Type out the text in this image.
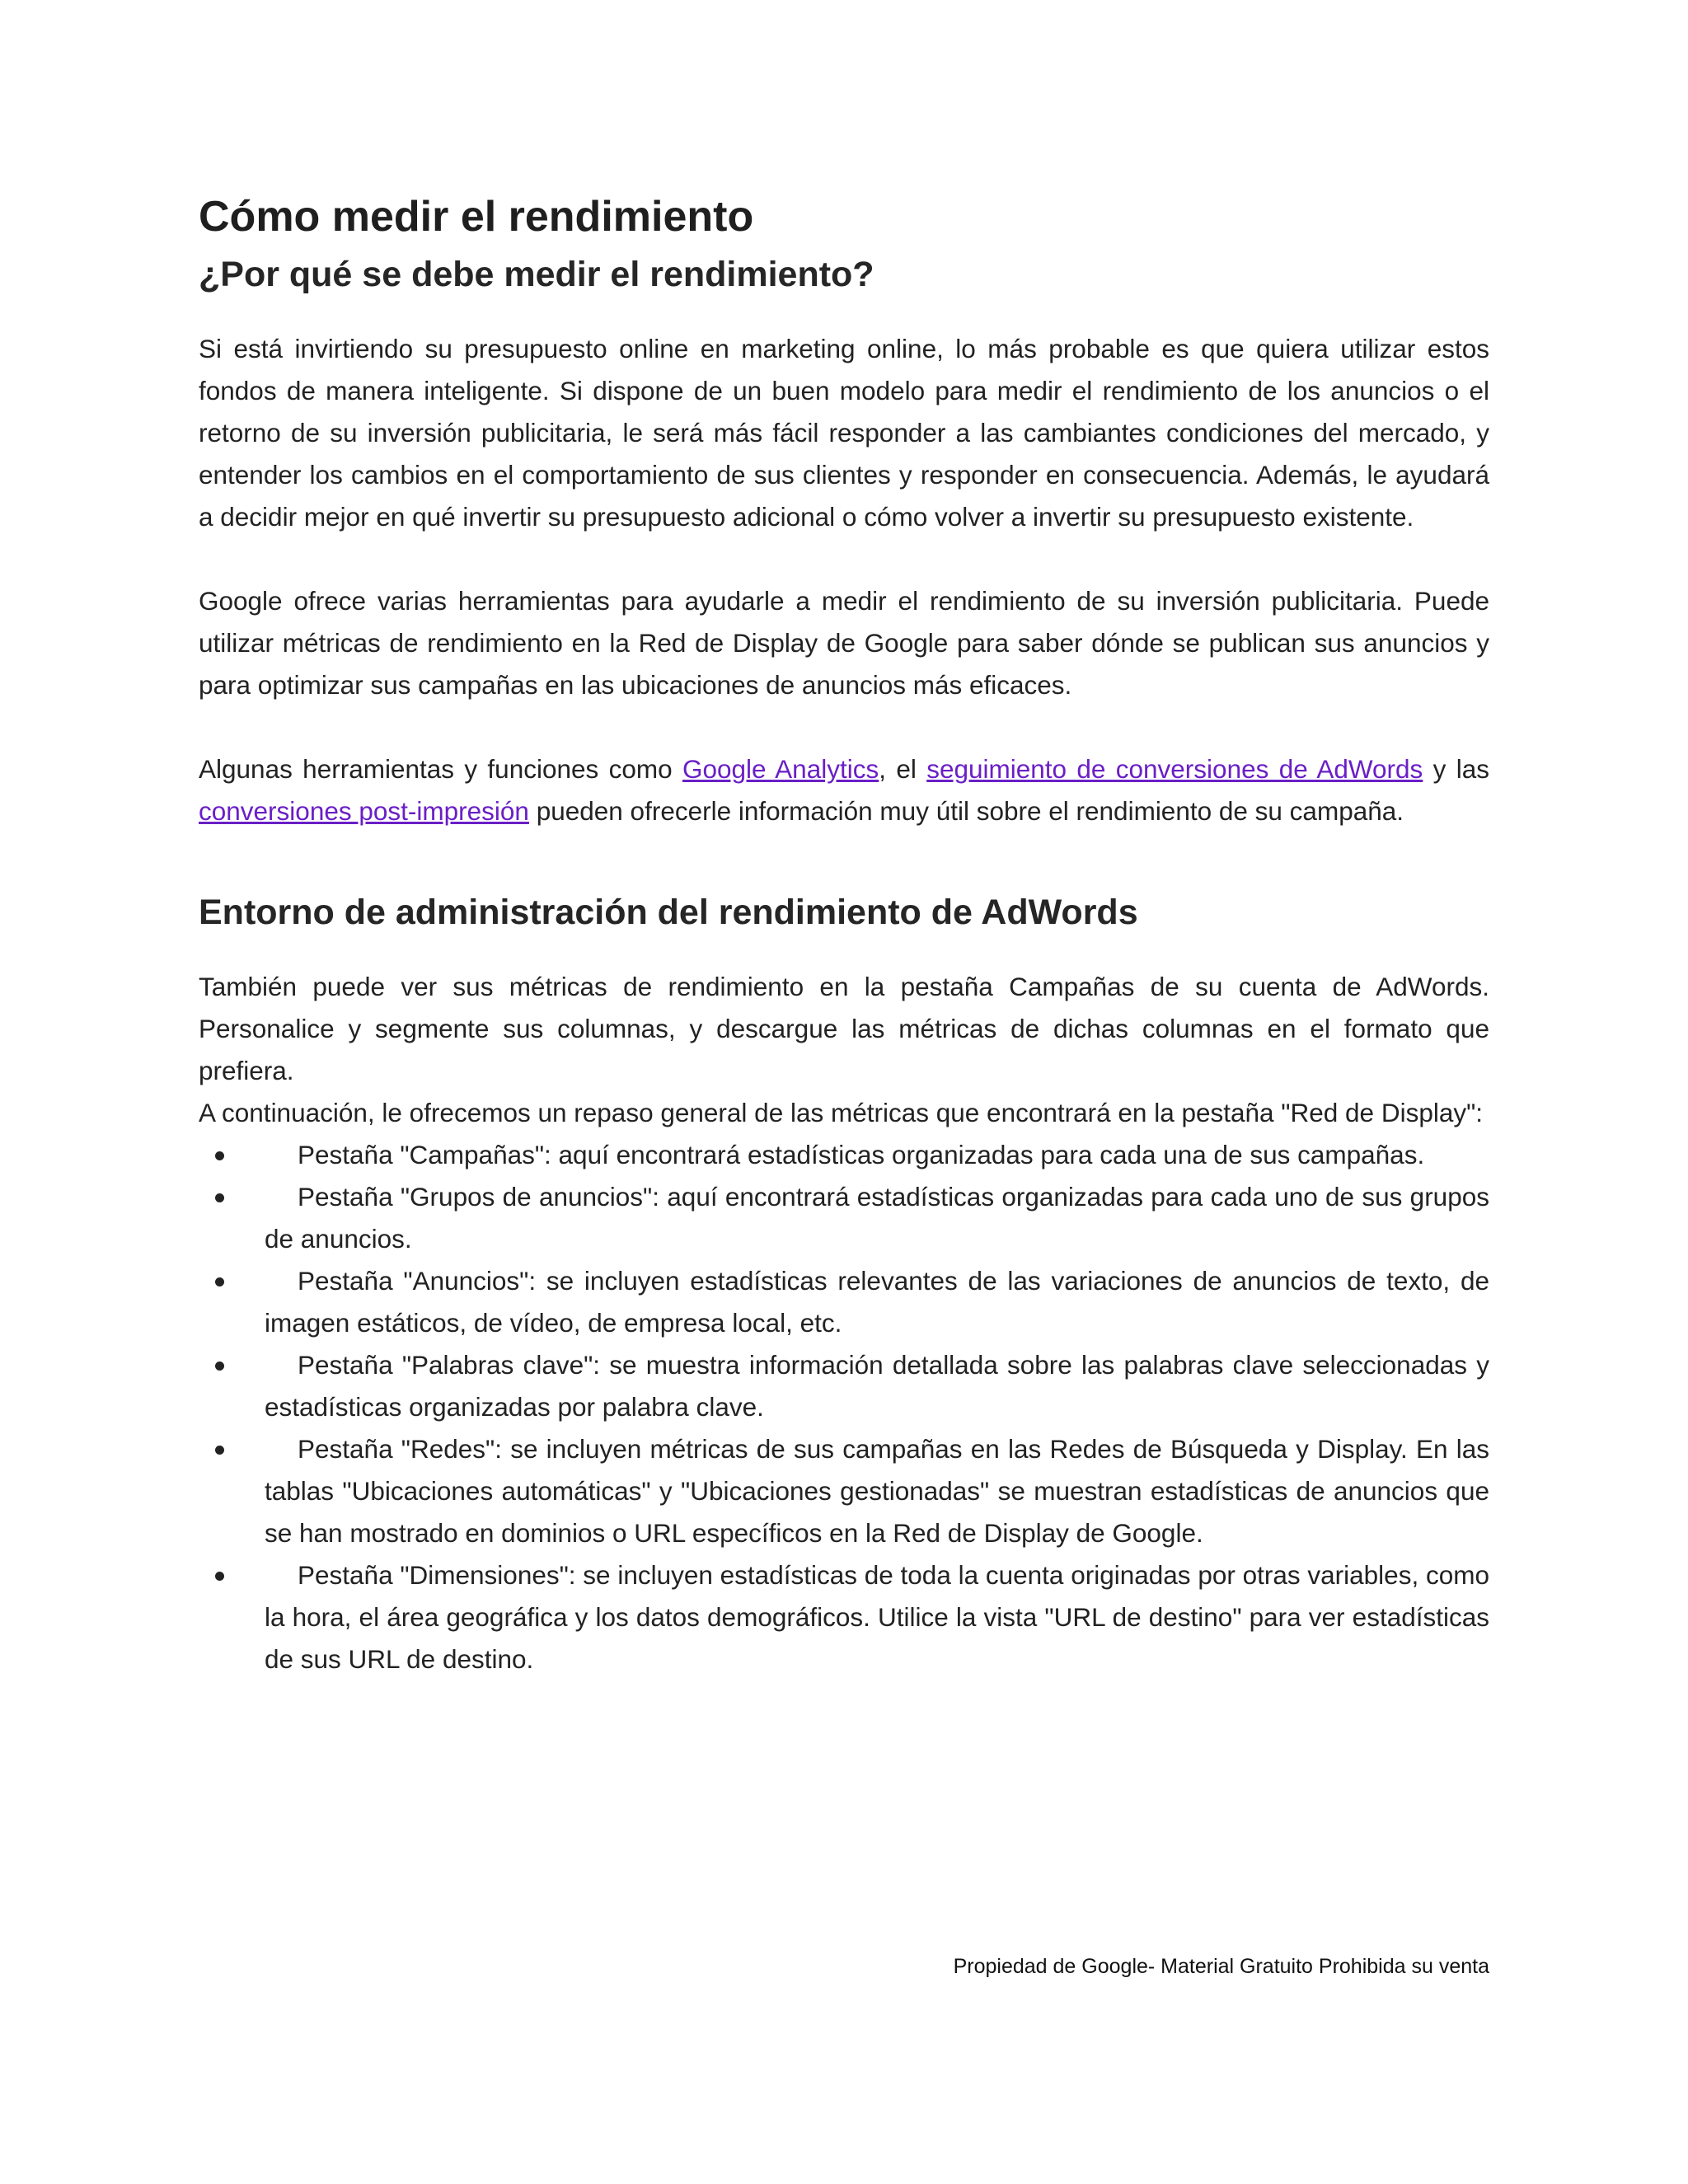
Cómo medir el rendimiento
¿Por qué se debe medir el rendimiento?

Si está invirtiendo su presupuesto online en marketing online, lo más probable es que quiera utilizar estos fondos de manera inteligente. Si dispone de un buen modelo para medir el rendimiento de los anuncios o el retorno de su inversión publicitaria, le será más fácil responder a las cambiantes condiciones del mercado, y entender los cambios en el comportamiento de sus clientes y responder en consecuencia. Además, le ayudará a decidir mejor en qué invertir su presupuesto adicional o cómo volver a invertir su presupuesto existente.

Google ofrece varias herramientas para ayudarle a medir el rendimiento de su inversión publicitaria. Puede utilizar métricas de rendimiento en la Red de Display de Google para saber dónde se publican sus anuncios y para optimizar sus campañas en las ubicaciones de anuncios más eficaces.

Algunas herramientas y funciones como Google Analytics, el seguimiento de conversiones de AdWords y las conversiones post-impresión pueden ofrecerle información muy útil sobre el rendimiento de su campaña.

Entorno de administración del rendimiento de AdWords

También puede ver sus métricas de rendimiento en la pestaña Campañas de su cuenta de AdWords. Personalice y segmente sus columnas, y descargue las métricas de dichas columnas en el formato que prefiera.

A continuación, le ofrecemos un repaso general de las métricas que encontrará en la pestaña "Red de Display":

Pestaña "Campañas": aquí encontrará estadísticas organizadas para cada una de sus campañas.
Pestaña "Grupos de anuncios": aquí encontrará estadísticas organizadas para cada uno de sus grupos de anuncios.
Pestaña "Anuncios": se incluyen estadísticas relevantes de las variaciones de anuncios de texto, de imagen estáticos, de vídeo, de empresa local, etc.
Pestaña "Palabras clave": se muestra información detallada sobre las palabras clave seleccionadas y estadísticas organizadas por palabra clave.
Pestaña "Redes": se incluyen métricas de sus campañas en las Redes de Búsqueda y Display. En las tablas "Ubicaciones automáticas" y "Ubicaciones gestionadas" se muestran estadísticas de anuncios que se han mostrado en dominios o URL específicos en la Red de Display de Google.
Pestaña "Dimensiones": se incluyen estadísticas de toda la cuenta originadas por otras variables, como la hora, el área geográfica y los datos demográficos. Utilice la vista "URL de destino" para ver estadísticas de sus URL de destino.
Propiedad de Google- Material Gratuito Prohibida su venta
